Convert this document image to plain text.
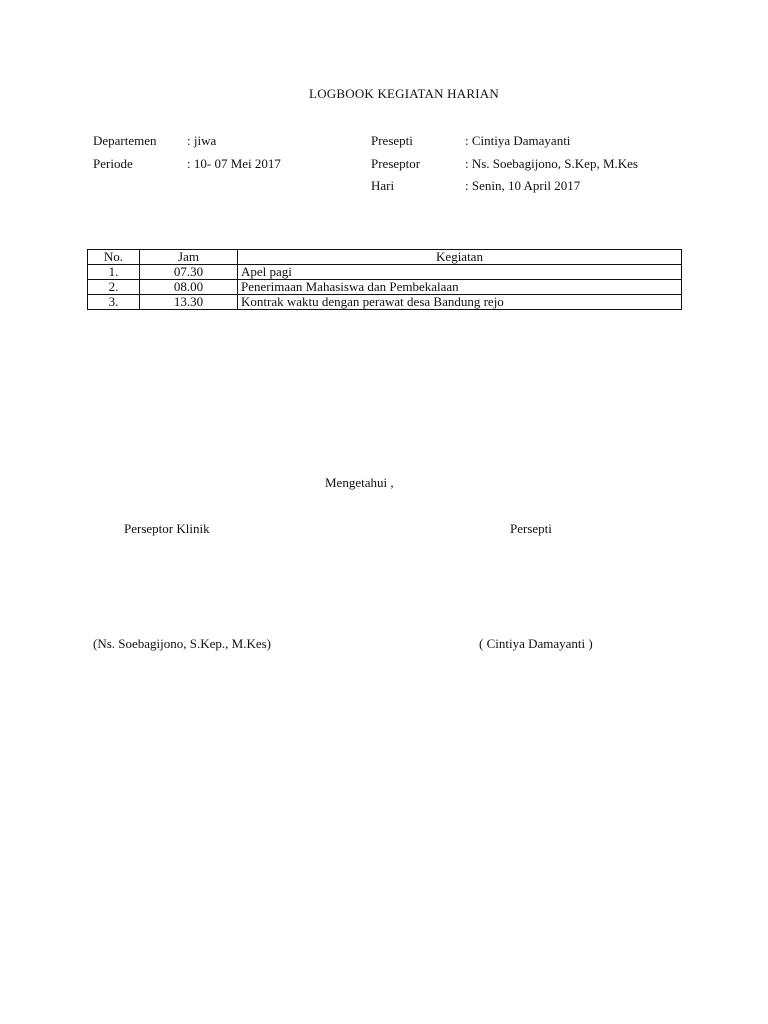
LOGBOOK KEGIATAN HARIAN
Departemen : jiwa
Periode	: 10- 07 Mei 2017
Presepti	: Cintiya Damayanti
Preseptor	: Ns. Soebagijono, S.Kep, M.Kes
Hari	: Senin, 10 April 2017
No.	Jam	Kegiatan
1.	07.30	Apel pagi
2.	08.00	Penerimaan Mahasiswa dan Pembekalaan
3.	13.30	Kontrak waktu dengan perawat desa Bandung rejo
Mengetahui ,
Perseptor Klinik	Persepti
(Ns. Soebagijono, S.Kep., M.Kes)	( Cintiya Damayanti )
